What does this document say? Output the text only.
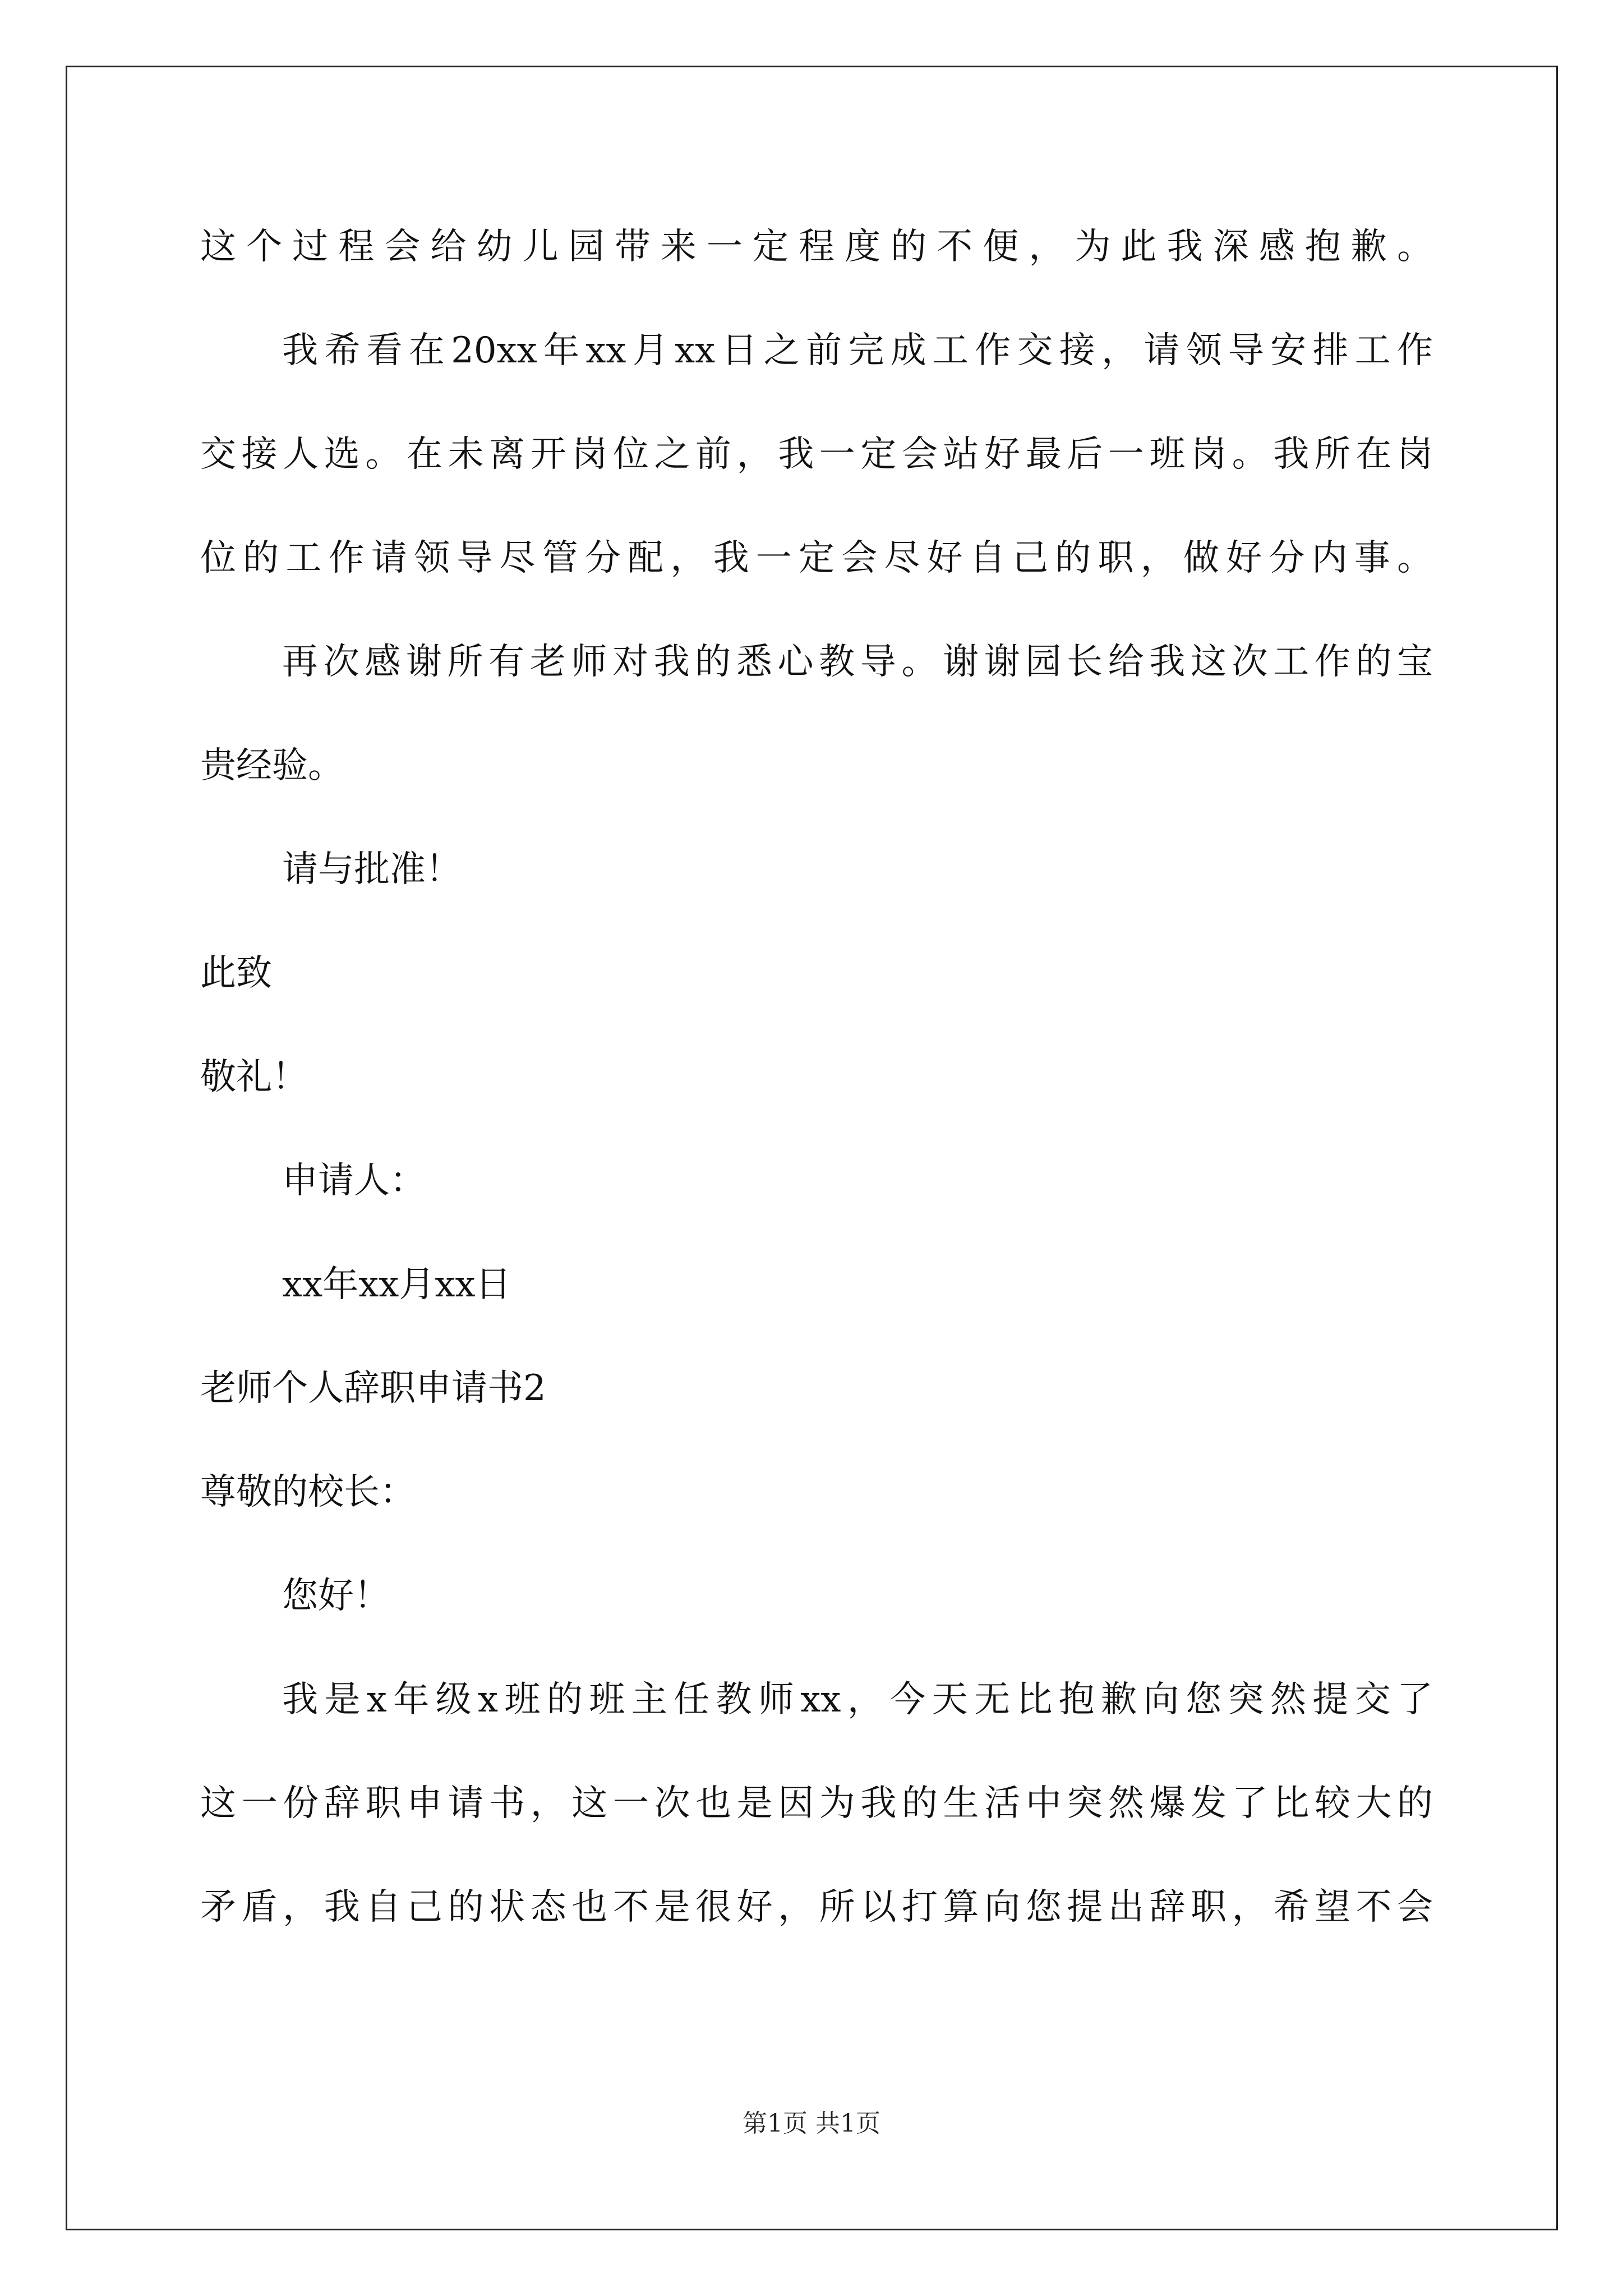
这个过程会给幼儿园带来一定程度的不便，为此我深感抱歉。
我希看在20xx年xx月xx日之前完成工作交接，请领导安排工作
交接人选。在未离开岗位之前，我一定会站好最后一班岗。我所在岗
位的工作请领导尽管分配，我一定会尽好自己的职，做好分内事。
再次感谢所有老师对我的悉心教导。谢谢园长给我这次工作的宝
贵经验。
请与批准！
此致
敬礼！
申请人：
xx年xx月xx日
老师个人辞职申请书2
尊敬的校长：
您好！
我是x年级x班的班主任教师xx，今天无比抱歉向您突然提交了
这一份辞职申请书，这一次也是因为我的生活中突然爆发了比较大的
矛盾，我自己的状态也不是很好，所以打算向您提出辞职，希望不会
第1页 共1页
